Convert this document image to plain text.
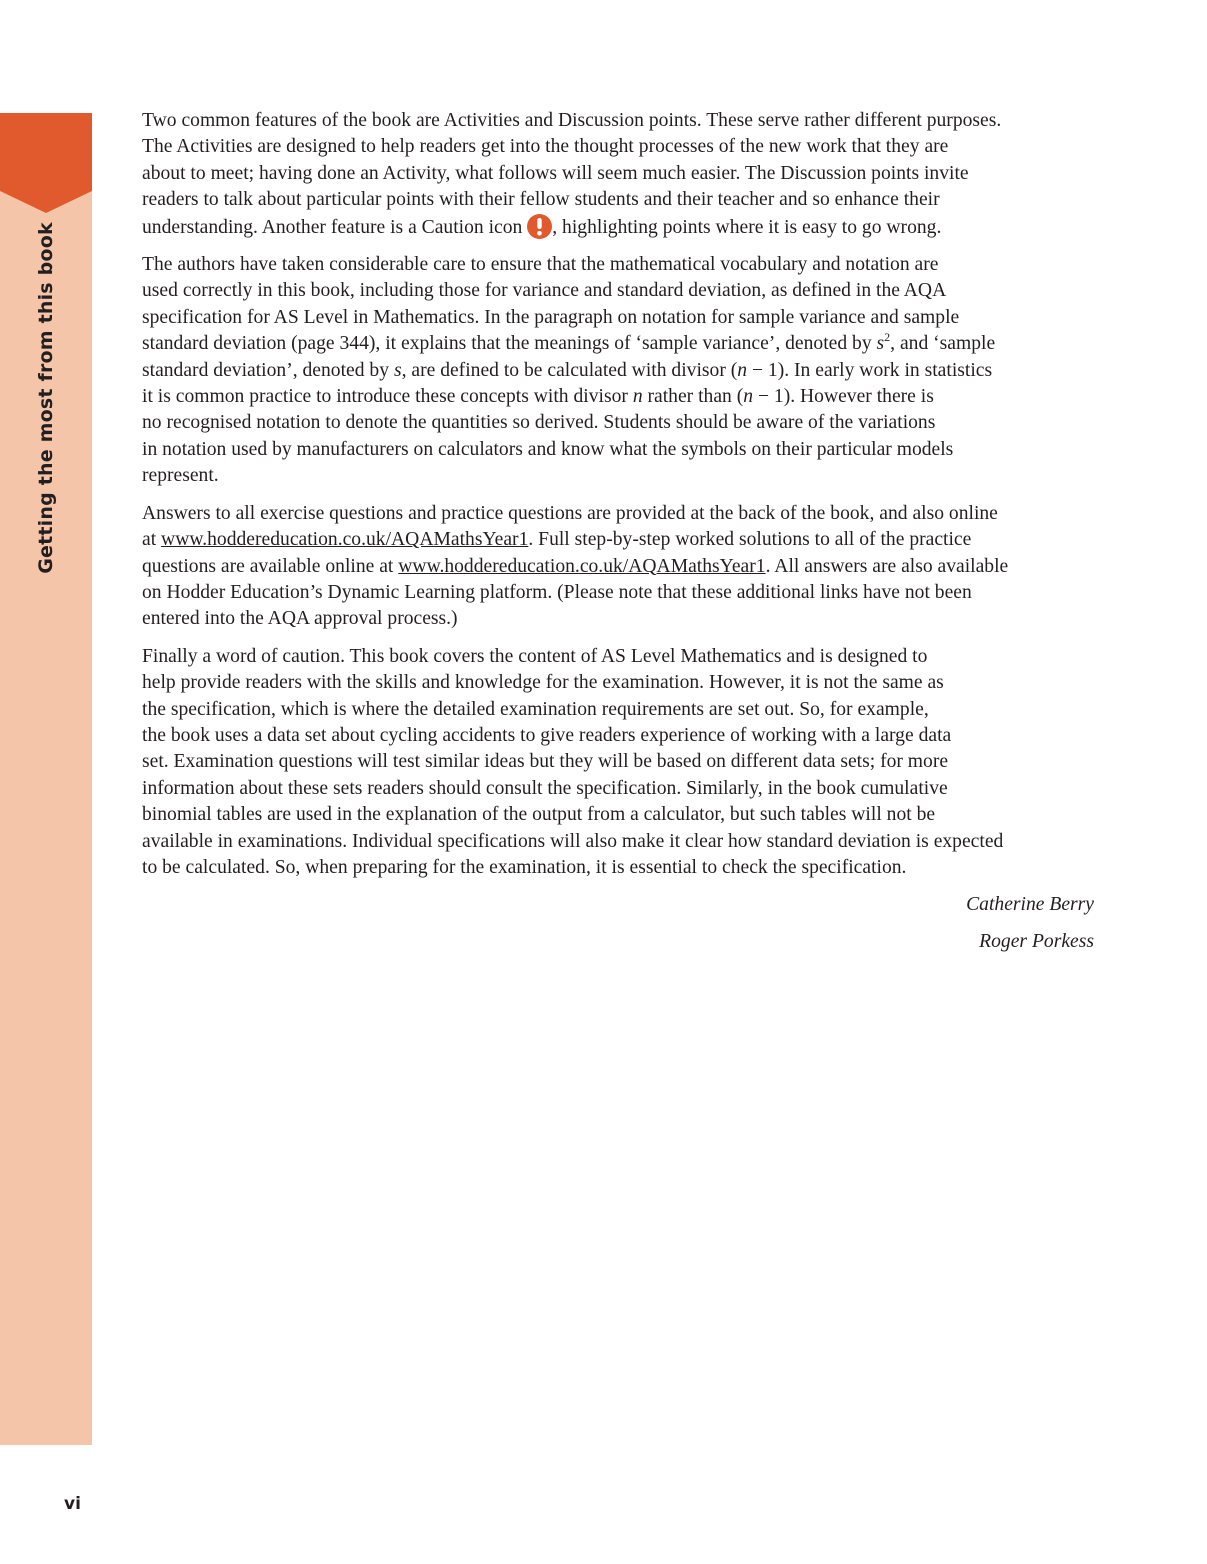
Getting the most from this book
vi

Two common features of the book are Activities and Discussion points. These serve rather different purposes.
The Activities are designed to help readers get into the thought processes of the new work that they are
about to meet; having done an Activity, what follows will seem much easier. The Discussion points invite
readers to talk about particular points with their fellow students and their teacher and so enhance their
understanding. Another feature is a Caution icon , highlighting points where it is easy to go wrong.

The authors have taken considerable care to ensure that the mathematical vocabulary and notation are
used correctly in this book, including those for variance and standard deviation, as defined in the AQA
specification for AS Level in Mathematics. In the paragraph on notation for sample variance and sample
standard deviation (page 344), it explains that the meanings of ‘sample variance’, denoted by $s^2$, and ‘sample
standard deviation’, denoted by s, are defined to be calculated with divisor (n − 1). In early work in statistics
it is common practice to introduce these concepts with divisor n rather than (n − 1). However there is
no recognised notation to denote the quantities so derived. Students should be aware of the variations
in notation used by manufacturers on calculators and know what the symbols on their particular models
represent.

Answers to all exercise questions and practice questions are provided at the back of the book, and also online
at www.hoddereducation.co.uk/AQAMathsYear1. Full step-by-step worked solutions to all of the practice
questions are available online at www.hoddereducation.co.uk/AQAMathsYear1. All answers are also available
on Hodder Education’s Dynamic Learning platform. (Please note that these additional links have not been
entered into the AQA approval process.)

Finally a word of caution. This book covers the content of AS Level Mathematics and is designed to
help provide readers with the skills and knowledge for the examination. However, it is not the same as
the specification, which is where the detailed examination requirements are set out. So, for example,
the book uses a data set about cycling accidents to give readers experience of working with a large data
set. Examination questions will test similar ideas but they will be based on different data sets; for more
information about these sets readers should consult the specification. Similarly, in the book cumulative
binomial tables are used in the explanation of the output from a calculator, but such tables will not be
available in examinations. Individual specifications will also make it clear how standard deviation is expected
to be calculated. So, when preparing for the examination, it is essential to check the specification.

Catherine Berry
Roger Porkess
